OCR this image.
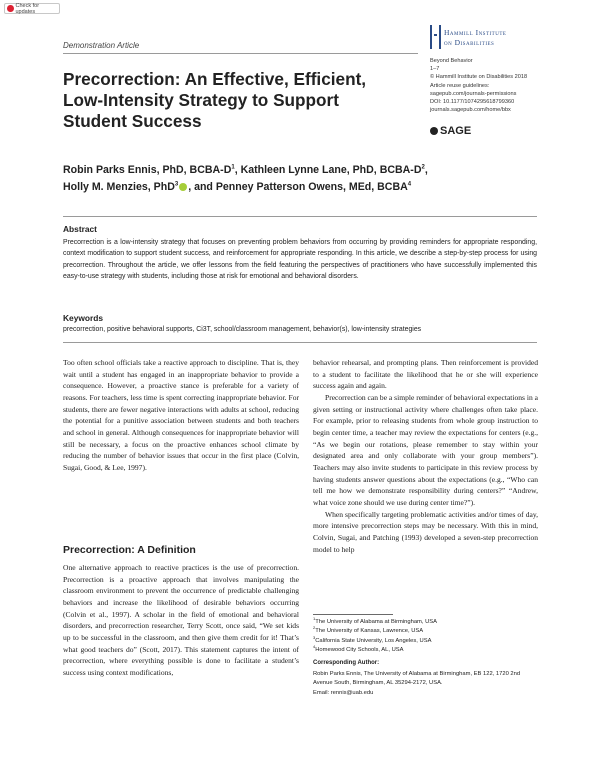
Check for updates
Demonstration Article
Hammill Institute
on Disabilities
Beyond Behavior
1–7
© Hammill Institute on Disabilities 2018
Article reuse guidelines:
sagepub.com/journals-permissions
DOI: 10.1177/1074295618799360
journals.sagepub.com/home/bbx
SAGE
Precorrection: An Effective, Efficient, Low-Intensity Strategy to Support Student Success
Robin Parks Ennis, PhD, BCBA-$D^1$, Kathleen Lynne Lane, PhD, BCBA-$D^2$,
Holly M. Menzies, PhD$^3$ , and Penney Patterson Owens, MEd, BCBA$^4$
Abstract
Precorrection is a low-intensity strategy that focuses on preventing problem behaviors from occurring by providing reminders for appropriate responding, context modification to support student success, and reinforcement for appropriate responding. In this article, we describe a step-by-step process for using precorrection. Throughout the article, we offer lessons from the field featuring the perspectives of practitioners who have successfully implemented this easy-to-use strategy with students, including those at risk for emotional and behavioral disorders.
Keywords
precorrection, positive behavioral supports, Ci3T, school/classroom management, behavior(s), low-intensity strategies

Too often school officials take a reactive approach to discipline. That is, they wait until a student has engaged in an inappropriate behavior to provide a consequence. However, a proactive stance is preferable for a variety of reasons. For teachers, less time is spent correcting inappropriate behavior. For students, there are fewer negative interactions with adults at school, reducing the potential for a punitive association between students and both teachers and school in general. Although consequences for inappropriate behavior will still be necessary, a focus on the proactive enhances school climate by reducing the number of behavior issues that occur in the first place (Colvin, Sugai, Good, & Lee, 1997).

Precorrection: A Definition

One alternative approach to reactive practices is the use of precorrection. Precorrection is a proactive approach that involves manipulating the classroom environment to prevent the occurrence of predictable challenging behaviors and increase the likelihood of desirable behaviors occurring (Colvin et al., 1997). A scholar in the field of emotional and behavioral disorders, and precorrection researcher, Terry Scott, once said, “We set kids up to be successful in the classroom, and then give them credit for it! That’s what good teachers do” (Scott, 2017). This statement captures the intent of precorrection, where everything possible is done to facilitate a student’s success using context modifications,

behavior rehearsal, and prompting plans. Then reinforcement is provided to a student to facilitate the likelihood that he or she will experience success again and again.

Precorrection can be a simple reminder of behavioral expectations in a given setting or instructional activity where challenges often take place. For example, prior to releasing students from whole group instruction to begin center time, a teacher may review the expectations for centers (e.g., “As we begin our rotations, please remember to stay within your designated area and only collaborate with your group members”). Teachers may also invite students to participate in this review process by having students answer questions about the expectations (e.g., “Who can tell me how we demonstrate responsibility during centers?” “Andrew, what voice zone should we use during center time?”).

When specifically targeting problematic activities and/or times of day, more intensive precorrection steps may be necessary. With this in mind, Colvin, Sugai, and Patching (1993) developed a seven-step precorrection model to help

$^1$The University of Alabama at Birmingham, USA
$^2$The University of Kansas, Lawrence, USA
$^3$California State University, Los Angeles, USA
$^4$Homewood City Schools, AL, USA
Corresponding Author:
Robin Parks Ennis, The University of Alabama at Birmingham, EB 122, 1720 2nd Avenue South, Birmingham, AL 35294-2172, USA.
Email: rennis@uab.edu
